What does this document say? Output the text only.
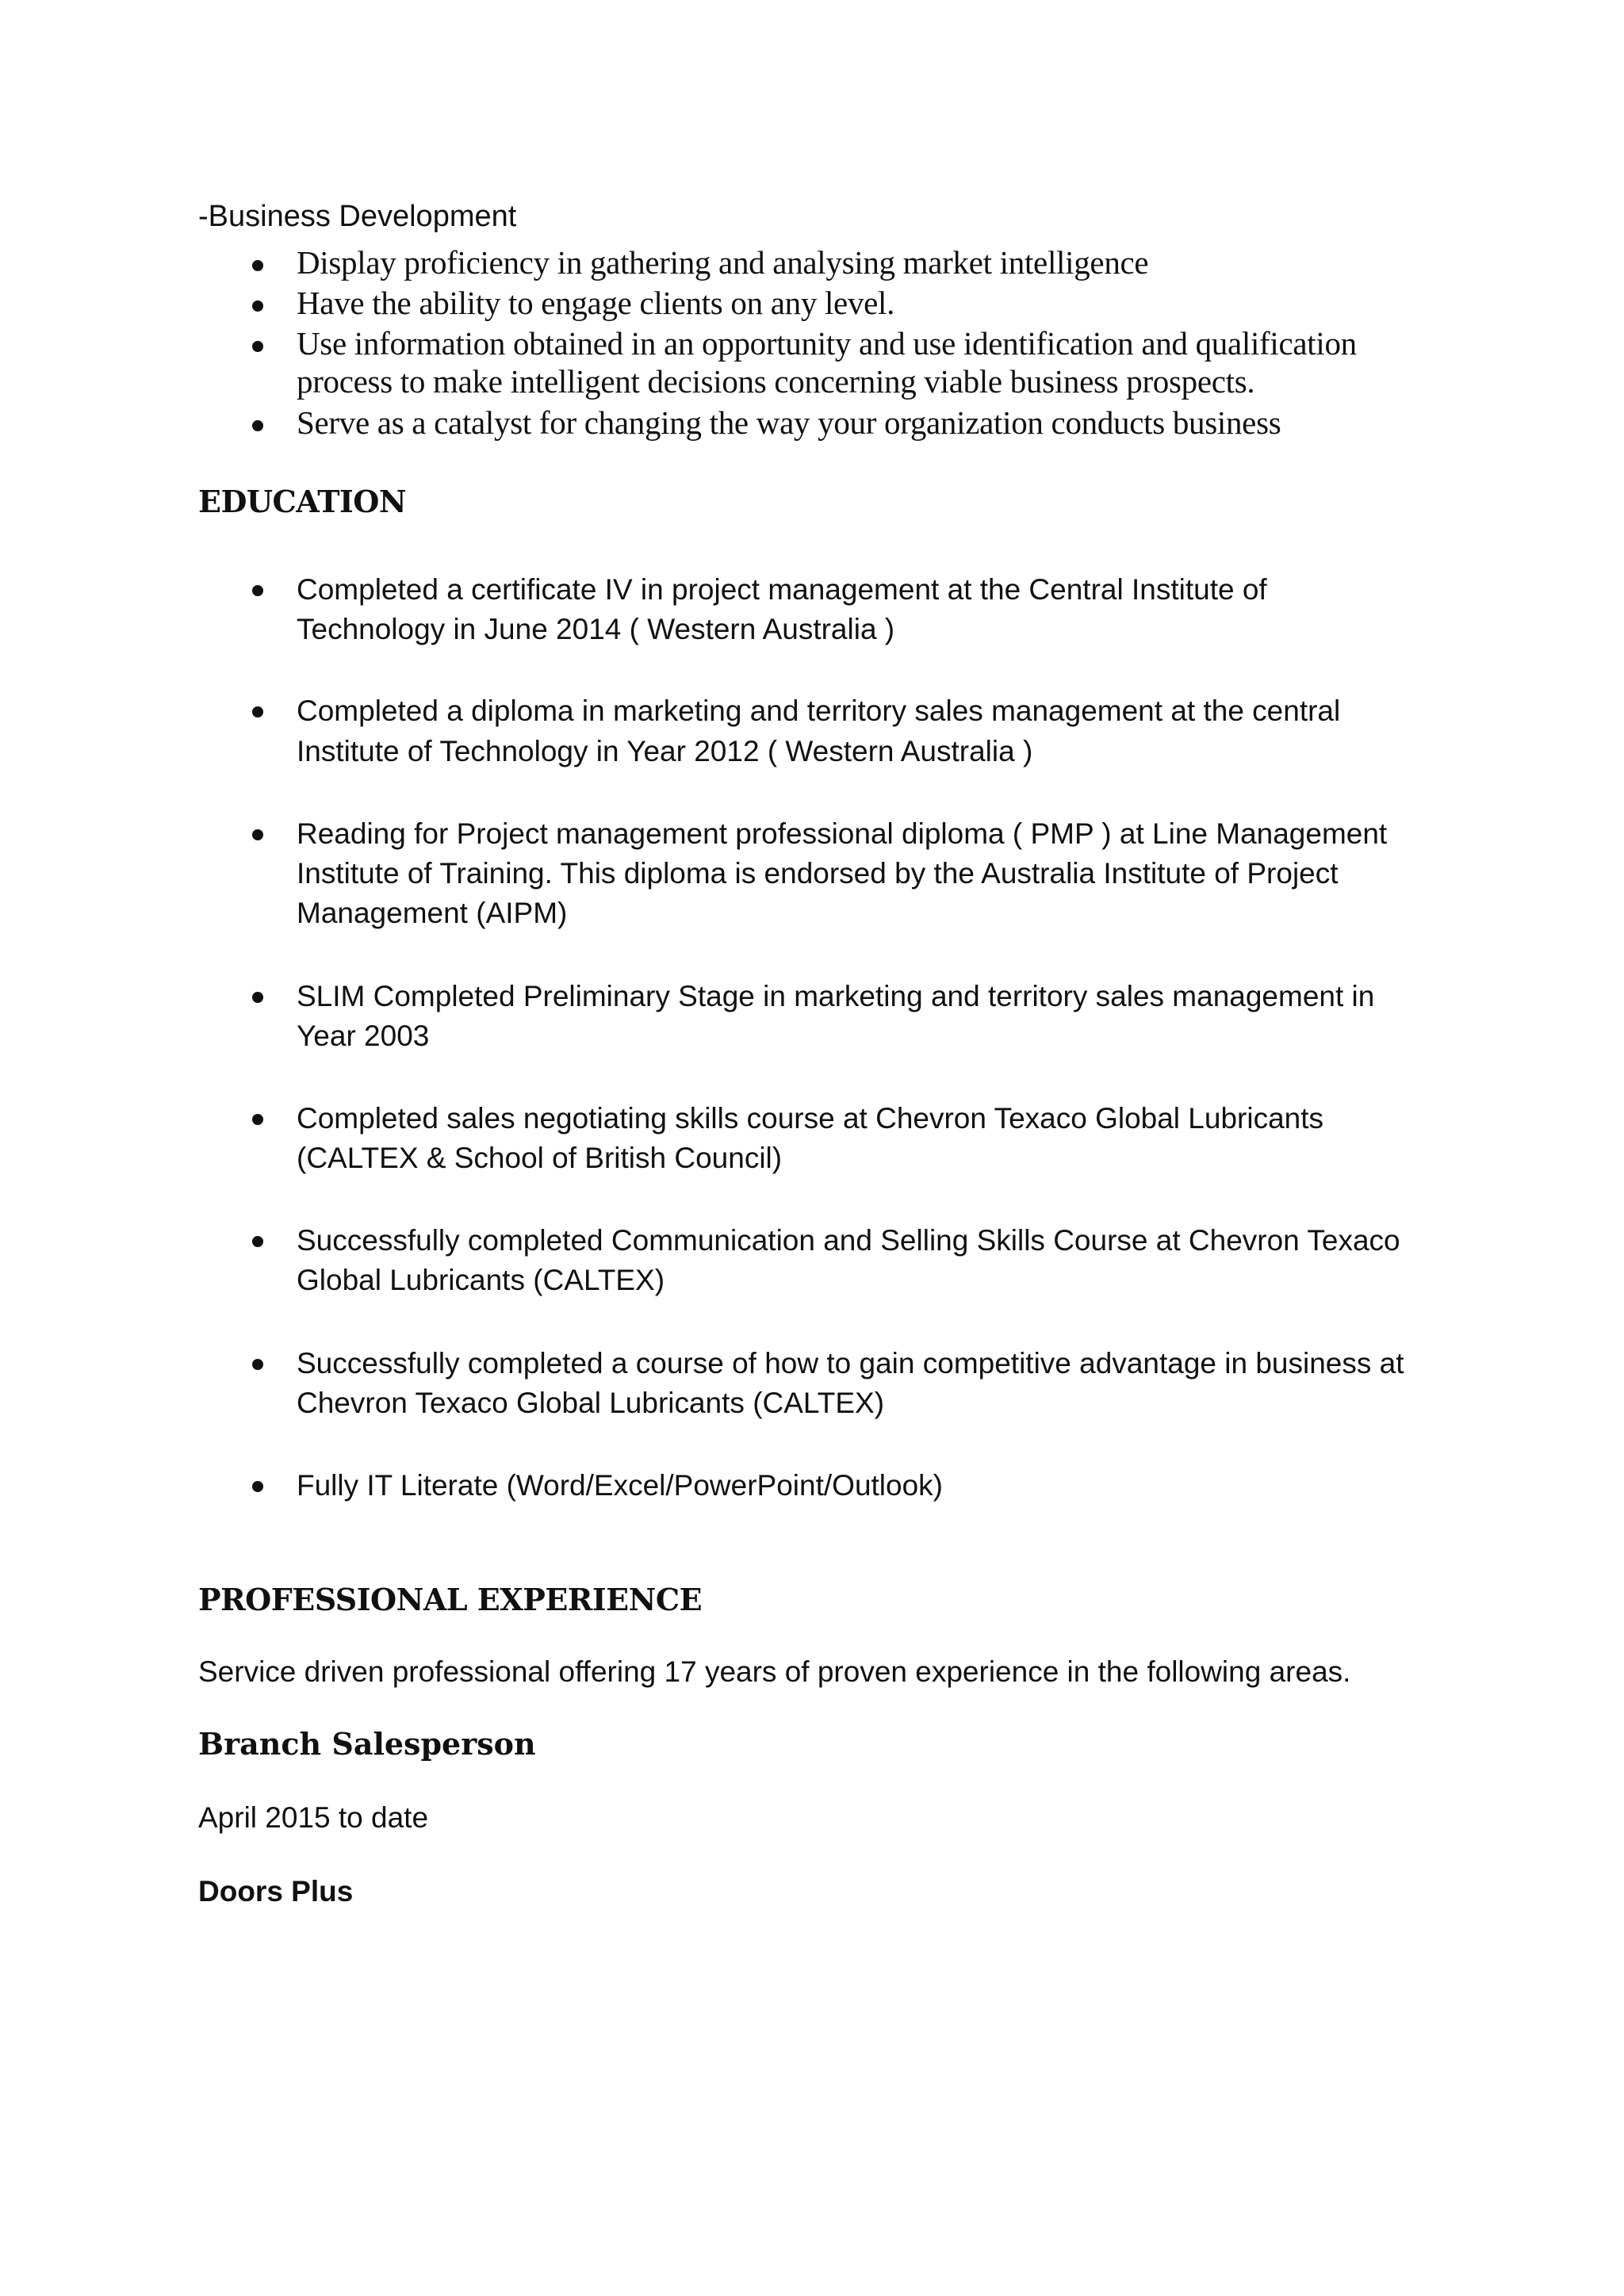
-Business Development
Display proficiency in gathering and analysing market intelligence
Have the ability to engage clients on any level.
Use information obtained in an opportunity and use identification and qualification
process to make intelligent decisions concerning viable business prospects.
Serve as a catalyst for changing the way your organization conducts business
EDUCATION
Completed a certificate IV in project management at the Central Institute of
Technology in June 2014 ( Western Australia )
Completed a diploma in marketing and territory sales management at the central
Institute of Technology in Year 2012 ( Western Australia )
Reading for Project management professional diploma ( PMP ) at Line Management
Institute of Training. This diploma is endorsed by the Australia Institute of Project
Management (AIPM)
SLIM Completed Preliminary Stage in marketing and territory sales management in
Year 2003
Completed sales negotiating skills course at Chevron Texaco Global Lubricants
(CALTEX & School of British Council)
Successfully completed Communication and Selling Skills Course at Chevron Texaco
Global Lubricants (CALTEX)
Successfully completed a course of how to gain competitive advantage in business at
Chevron Texaco Global Lubricants (CALTEX)
Fully IT Literate (Word/Excel/PowerPoint/Outlook)
PROFESSIONAL EXPERIENCE
Service driven professional offering 17 years of proven experience in the following areas.
Branch Salesperson
April 2015 to date
Doors Plus
